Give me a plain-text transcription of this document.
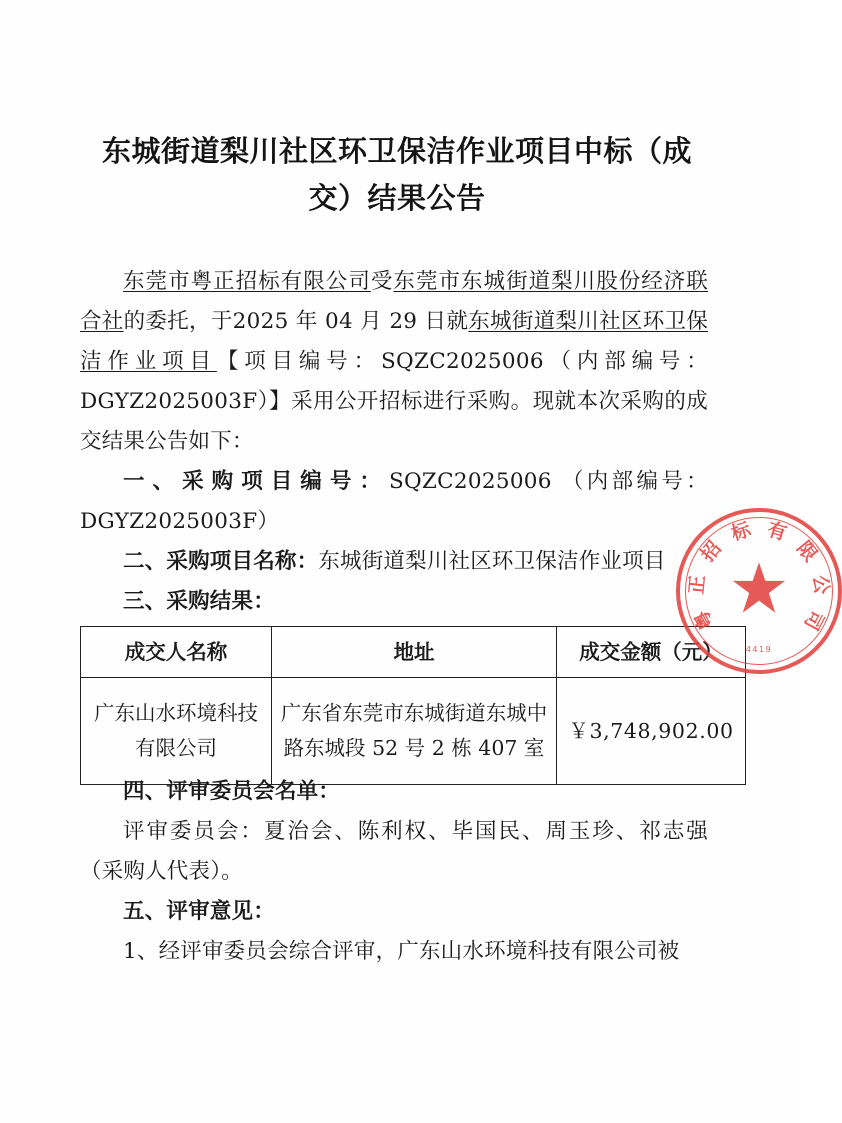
东城街道梨川社区环卫保洁作业项目中标（成交）结果公告

东莞市粤正招标有限公司受东莞市东城街道梨川股份经济联合社的委托，于2025 年 04 月 29 日就东城街道梨川社区环卫保洁作业项目【项目编号：SQZC2025006（内部编号：DGYZ2025003F）】采用公开招标进行采购。现就本次采购的成交结果公告如下：

一、采购项目编号：SQZC2025006 （内部编号：DGYZ2025003F）

二、采购项目名称：东城街道梨川社区环卫保洁作业项目

三、采购结果：

成交人名称	地址	成交金额（元）
广东山水环境科技有限公司	广东省东莞市东城街道东城中路东城段 52 号 2 栋 407 室	￥3,748,902.00

四、评审委员会名单：

评审委员会：夏治会、陈利权、毕国民、周玉珍、祁志强（采购人代表）。

五、评审意见：

1、经评审委员会综合评审，广东山水环境科技有限公司被

粤
正
招
标 有
限
公
司
4419
